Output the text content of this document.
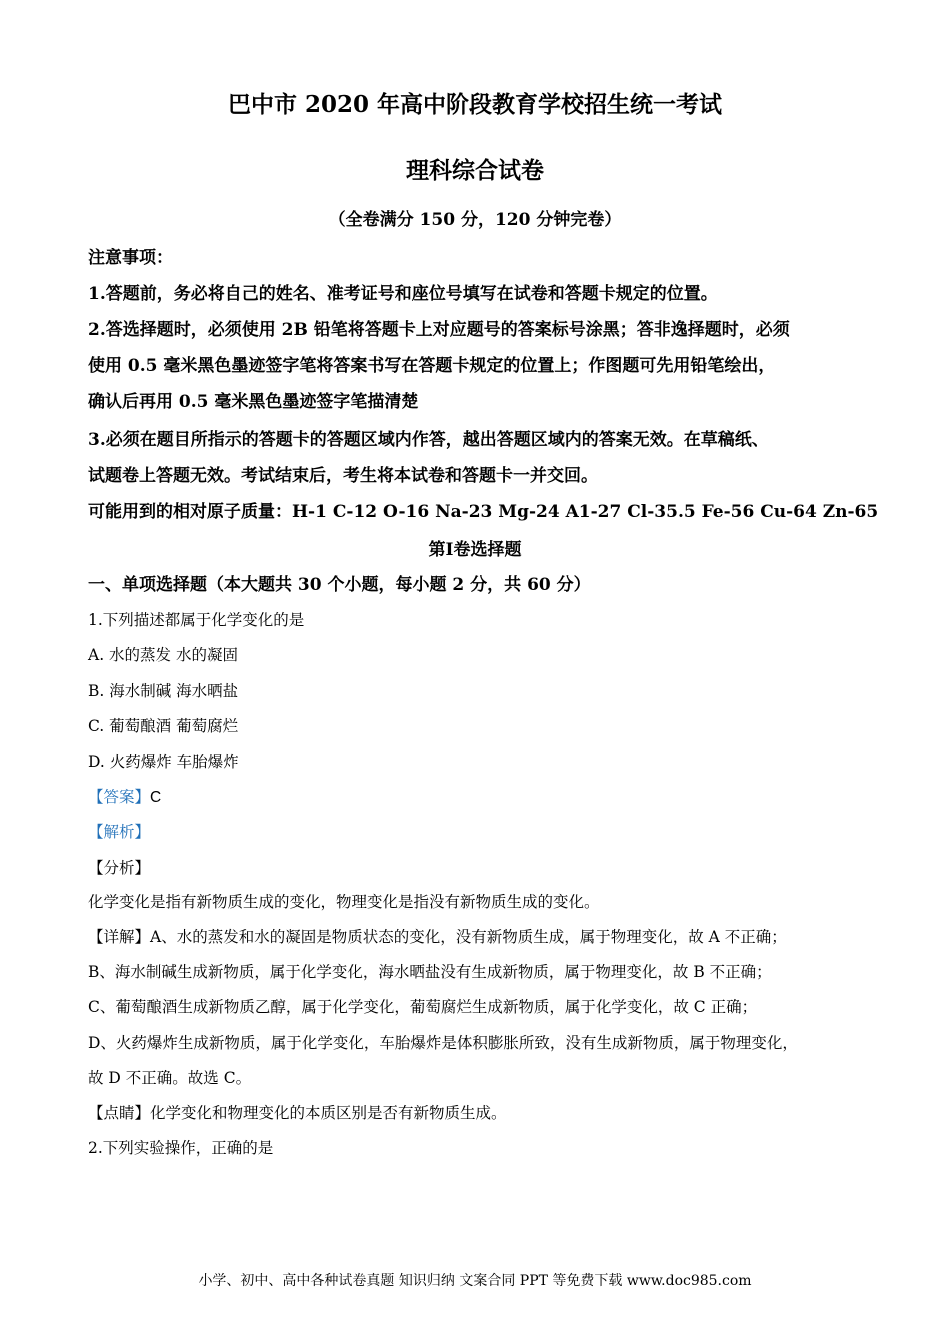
巴中市 2020 年高中阶段教育学校招生统一考试
理科综合试卷
（全卷满分 150 分，120 分钟完卷）
注意事项：
1.答题前，务必将自己的姓名、准考证号和座位号填写在试卷和答题卡规定的位置。
2.答选择题时，必须使用 2B 铅笔将答题卡上对应题号的答案标号涂黑；答非逸择题时，必须
使用 0.5 毫米黑色墨迹签字笔将答案书写在答题卡规定的位置上；作图题可先用铅笔绘出，
确认后再用 0.5 毫米黑色墨迹签字笔描清楚
3.必须在题目所指示的答题卡的答题区域内作答，越出答题区域内的答案无效。在草稿纸、
试题卷上答题无效。考试结束后，考生将本试卷和答题卡一并交回。
可能用到的相对原子质量：H-1 C-12 O-16 Na-23 Mg-24 A1-27 Cl-35.5 Fe-56 Cu-64 Zn-65
第Ⅰ卷选择题
一、单项选择题（本大题共 30 个小题，每小题 2 分，共 60 分）
1.下列描述都属于化学变化的是
A. 水的蒸发 水的凝固
B. 海水制碱 海水晒盐
C. 葡萄酿酒 葡萄腐烂
D. 火药爆炸 车胎爆炸
【答案】C
【解析】
【分析】
化学变化是指有新物质生成的变化，物理变化是指没有新物质生成的变化。
【详解】A、水的蒸发和水的凝固是物质状态的变化，没有新物质生成，属于物理变化，故 A 不正确；
B、海水制碱生成新物质，属于化学变化，海水晒盐没有生成新物质，属于物理变化，故 B 不正确；
C、葡萄酿酒生成新物质乙醇，属于化学变化，葡萄腐烂生成新物质，属于化学变化，故 C 正确；
D、火药爆炸生成新物质，属于化学变化，车胎爆炸是体积膨胀所致，没有生成新物质，属于物理变化，
故 D 不正确。故选 C。
【点睛】化学变化和物理变化的本质区别是否有新物质生成。
2.下列实验操作，正确的是
小学、初中、高中各种试卷真题 知识归纳 文案合同 PPT 等免费下载 www.doc985.com
